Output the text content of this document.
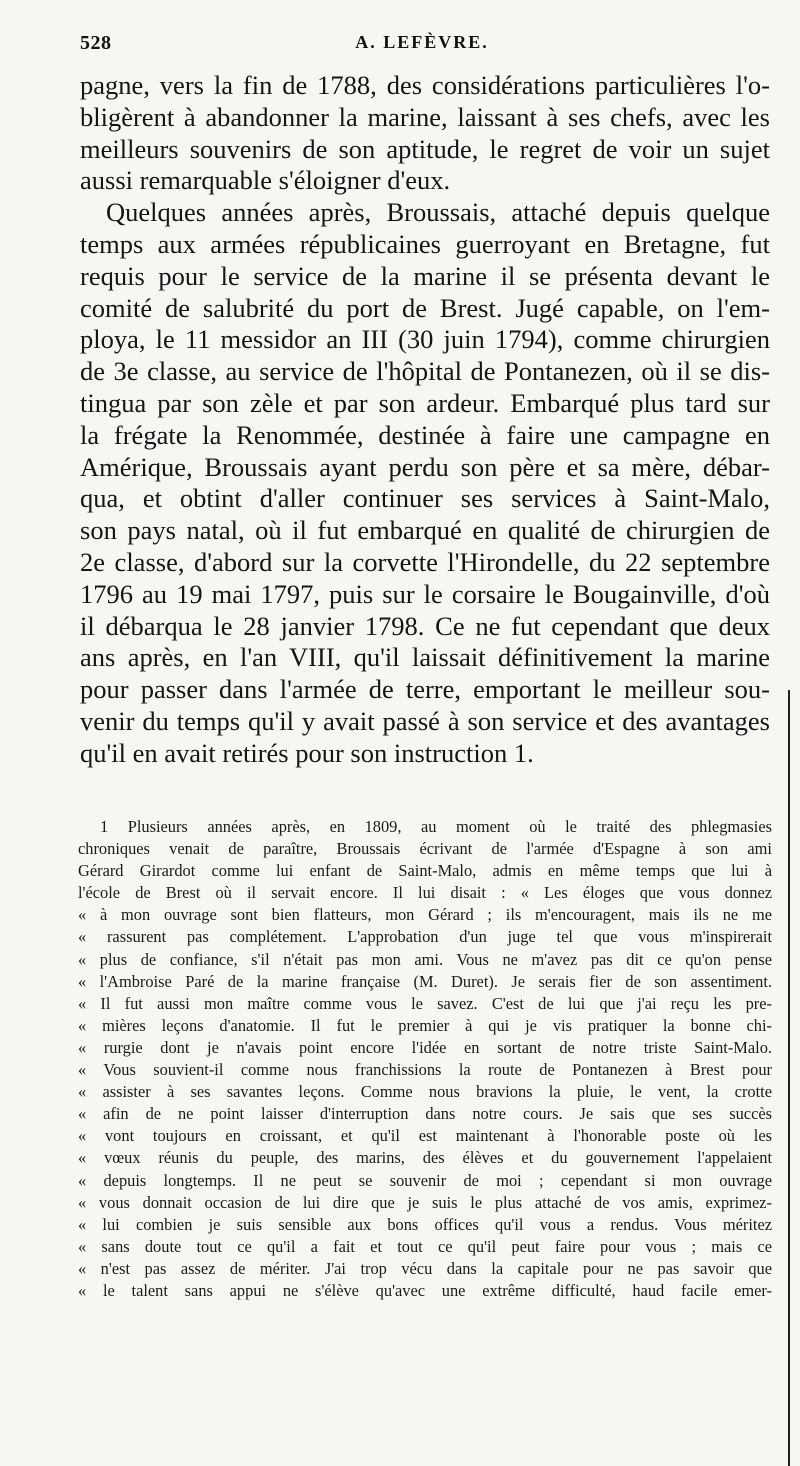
528	A. LEFÈVRE.
pagne, vers la fin de 1788, des considérations particulières l'o-
bligèrent à abandonner la marine, laissant à ses chefs, avec les
meilleurs souvenirs de son aptitude, le regret de voir un sujet
aussi remarquable s'éloigner d'eux.
Quelques années après, Broussais, attaché depuis quelque
temps aux armées républicaines guerroyant en Bretagne, fut
requis pour le service de la marine il se présenta devant le
comité de salubrité du port de Brest. Jugé capable, on l'em-
ploya, le 11 messidor an III (30 juin 1794), comme chirurgien
de 3e classe, au service de l'hôpital de Pontanezen, où il se dis-
tingua par son zèle et par son ardeur. Embarqué plus tard sur
la frégate la Renommée, destinée à faire une campagne en
Amérique, Broussais ayant perdu son père et sa mère, débar-
qua, et obtint d'aller continuer ses services à Saint-Malo,
son pays natal, où il fut embarqué en qualité de chirurgien de
2e classe, d'abord sur la corvette l'Hirondelle, du 22 septembre
1796 au 19 mai 1797, puis sur le corsaire le Bougainville, d'où
il débarqua le 28 janvier 1798. Ce ne fut cependant que deux
ans après, en l'an VIII, qu'il laissait définitivement la marine
pour passer dans l'armée de terre, emportant le meilleur sou-
venir du temps qu'il y avait passé à son service et des avantages
qu'il en avait retirés pour son instruction 1.
1 Plusieurs années après, en 1809, au moment où le traité des phlegmasies
chroniques venait de paraître, Broussais écrivant de l'armée d'Espagne à son ami
Gérard Girardot comme lui enfant de Saint-Malo, admis en même temps que lui à
l'école de Brest où il servait encore. Il lui disait : « Les éloges que vous donnez
« à mon ouvrage sont bien flatteurs, mon Gérard ; ils m'encouragent, mais ils ne me
« rassurent pas complétement. L'approbation d'un juge tel que vous m'inspirerait
« plus de confiance, s'il n'était pas mon ami. Vous ne m'avez pas dit ce qu'on pense
« l'Ambroise Paré de la marine française (M. Duret). Je serais fier de son assentiment.
« Il fut aussi mon maître comme vous le savez. C'est de lui que j'ai reçu les pre-
« mières leçons d'anatomie. Il fut le premier à qui je vis pratiquer la bonne chi-
« rurgie dont je n'avais point encore l'idée en sortant de notre triste Saint-Malo.
« Vous souvient-il comme nous franchissions la route de Pontanezen à Brest pour
« assister à ses savantes leçons. Comme nous bravions la pluie, le vent, la crotte
« afin de ne point laisser d'interruption dans notre cours. Je sais que ses succès
« vont toujours en croissant, et qu'il est maintenant à l'honorable poste où les
« vœux réunis du peuple, des marins, des élèves et du gouvernement l'appelaient
« depuis longtemps. Il ne peut se souvenir de moi ; cependant si mon ouvrage
« vous donnait occasion de lui dire que je suis le plus attaché de vos amis, exprimez-
« lui combien je suis sensible aux bons offices qu'il vous a rendus. Vous méritez
« sans doute tout ce qu'il a fait et tout ce qu'il peut faire pour vous ; mais ce
« n'est pas assez de mériter. J'ai trop vécu dans la capitale pour ne pas savoir que
« le talent sans appui ne s'élève qu'avec une extrême difficulté, haud facile emer-
